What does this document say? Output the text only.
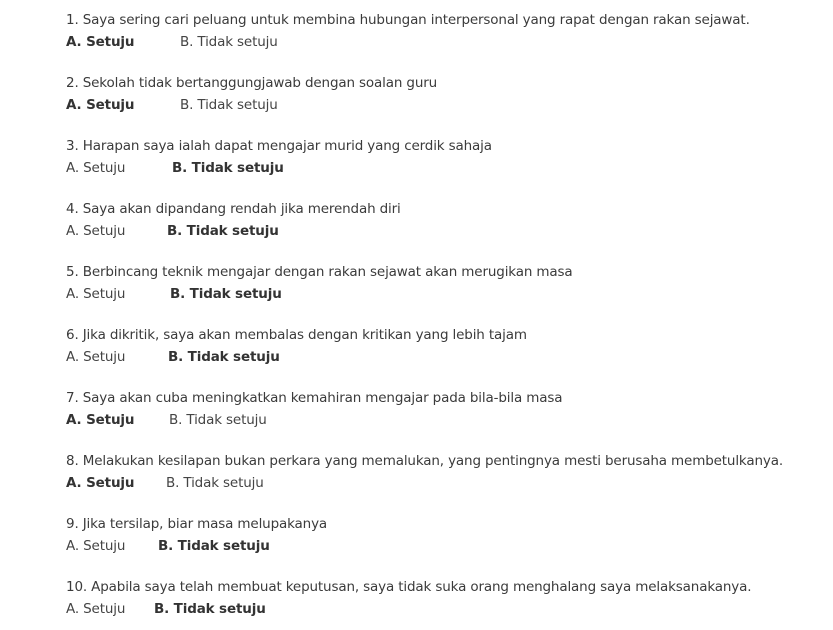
1. Saya sering cari peluang untuk membina hubungan interpersonal yang rapat dengan rakan sejawat.
A. Setuju	B. Tidak setuju
2. Sekolah tidak bertanggungjawab dengan soalan guru
A. Setuju	B. Tidak setuju
3. Harapan saya ialah dapat mengajar murid yang cerdik sahaja
A. Setuju	B. Tidak setuju
4. Saya akan dipandang rendah jika merendah diri
A. Setuju	B. Tidak setuju
5. Berbincang teknik mengajar dengan rakan sejawat akan merugikan masa
A. Setuju	B. Tidak setuju
6. Jika dikritik, saya akan membalas dengan kritikan yang lebih tajam
A. Setuju	B. Tidak setuju
7. Saya akan cuba meningkatkan kemahiran mengajar pada bila-bila masa
A. Setuju	B. Tidak setuju
8. Melakukan kesilapan bukan perkara yang memalukan, yang pentingnya mesti berusaha membetulkanya.
A. Setuju	B. Tidak setuju
9. Jika tersilap, biar masa melupakanya
A. Setuju	B. Tidak setuju
10. Apabila saya telah membuat keputusan, saya tidak suka orang menghalang saya melaksanakanya.
A. Setuju	B. Tidak setuju
